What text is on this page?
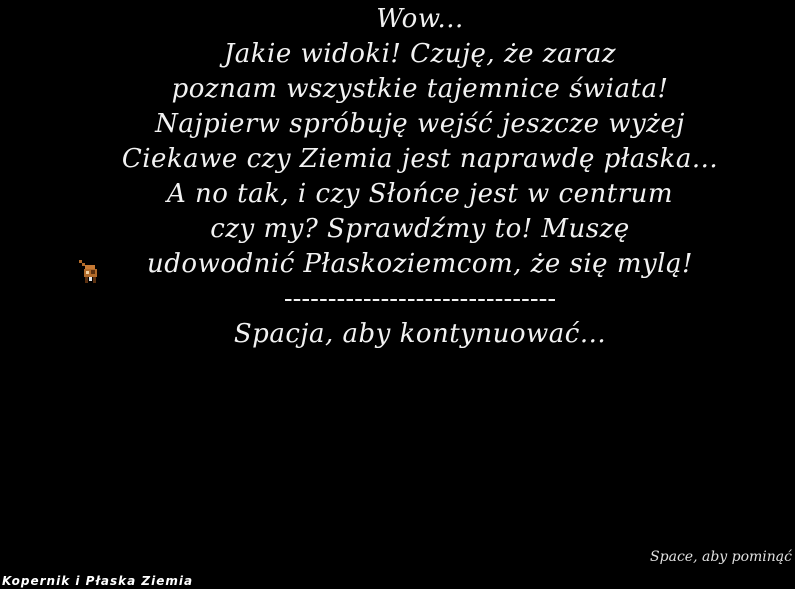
Wow...
Jakie widoki! Czuję, że zaraz
poznam wszystkie tajemnice świata!
Najpierw spróbuję wejść jeszcze wyżej
Ciekawe czy Ziemia jest naprawdę płaska...
A no tak, i czy Słońce jest w centrum
czy my? Sprawdźmy to! Muszę
udowodnić Płaskoziemcom, że się mylą!
-------------------------------
Spacja, aby kontynuować...
Space, aby pominąć
Kopernik i Płaska Ziemia
